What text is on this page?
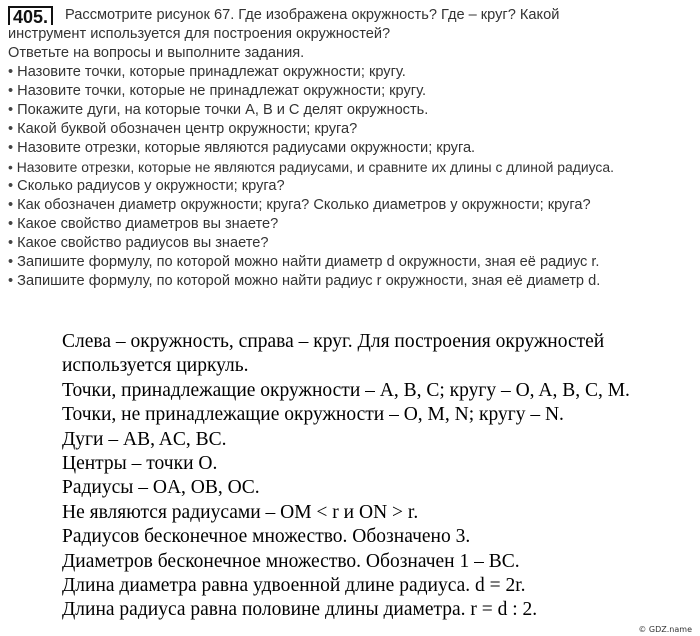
405. Рассмотрите рисунок 67. Где изображена окружность? Где – круг? Какой
инструмент используется для построения окружностей?
Ответьте на вопросы и выполните задания.
• Назовите точки, которые принадлежат окружности; кругу.
• Назовите точки, которые не принадлежат окружности; кругу.
• Покажите дуги, на которые точки A, B и C делят окружность.
• Какой буквой обозначен центр окружности; круга?
• Назовите отрезки, которые являются радиусами окружности; круга.
• Назовите отрезки, которые не являются радиусами, и сравните их длины с длиной радиуса.
• Сколько радиусов у окружности; круга?
• Как обозначен диаметр окружности; круга? Сколько диаметров у окружности; круга?
• Какое свойство диаметров вы знаете?
• Какое свойство радиусов вы знаете?
• Запишите формулу, по которой можно найти диаметр d окружности, зная её радиус r.
• Запишите формулу, по которой можно найти радиус r окружности, зная её диаметр d.
Слева – окружность, справа – круг. Для построения окружностей
используется циркуль.
Точки, принадлежащие окружности – A, B, C; кругу – O, A, B, C, M.
Точки, не принадлежащие окружности – O, M, N; кругу – N.
Дуги – AB, AC, BC.
Центры – точки O.
Радиусы – OA, OB, OC.
Не являются радиусами – OM < r и ON > r.
Радиусов бесконечное множество. Обозначено 3.
Диаметров бесконечное множество. Обозначен 1 – BC.
Длина диаметра равна удвоенной длине радиуса. d = 2r.
Длина радиуса равна половине длины диаметра. r = d : 2.
© GDZ.name
